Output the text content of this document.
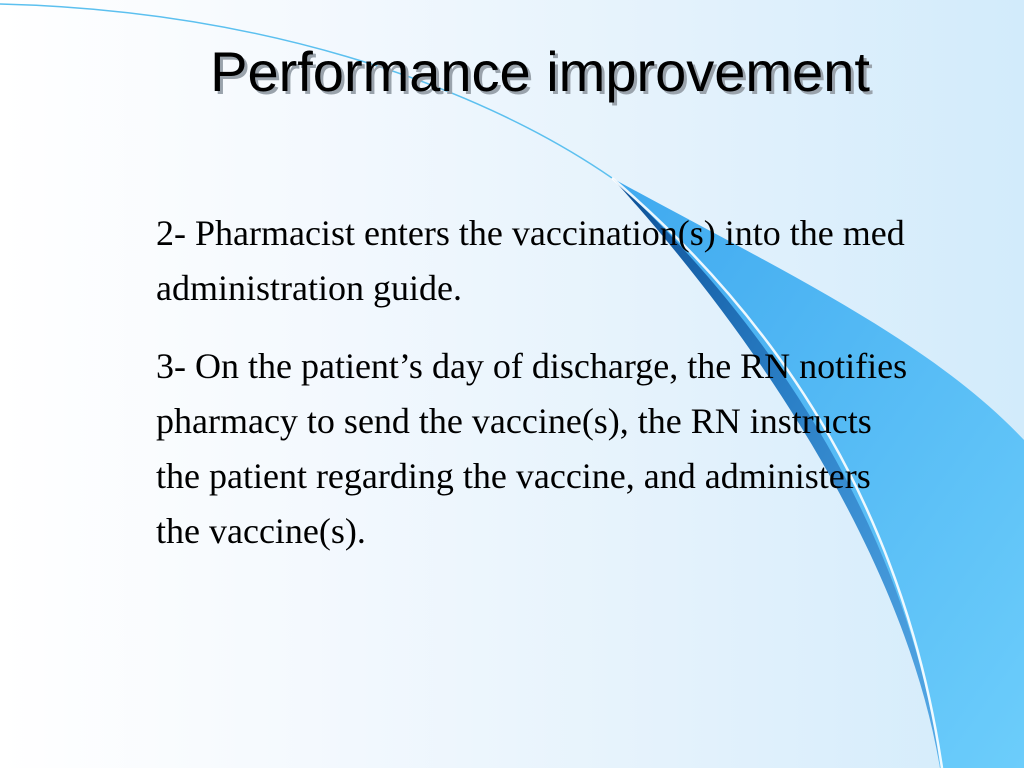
Performance improvement

2- Pharmacist enters the vaccination(s) into the med administration guide.

3- On the patient’s day of discharge, the RN notifies pharmacy to send the vaccine(s), the RN instructs the patient regarding the vaccine, and administers the vaccine(s).
